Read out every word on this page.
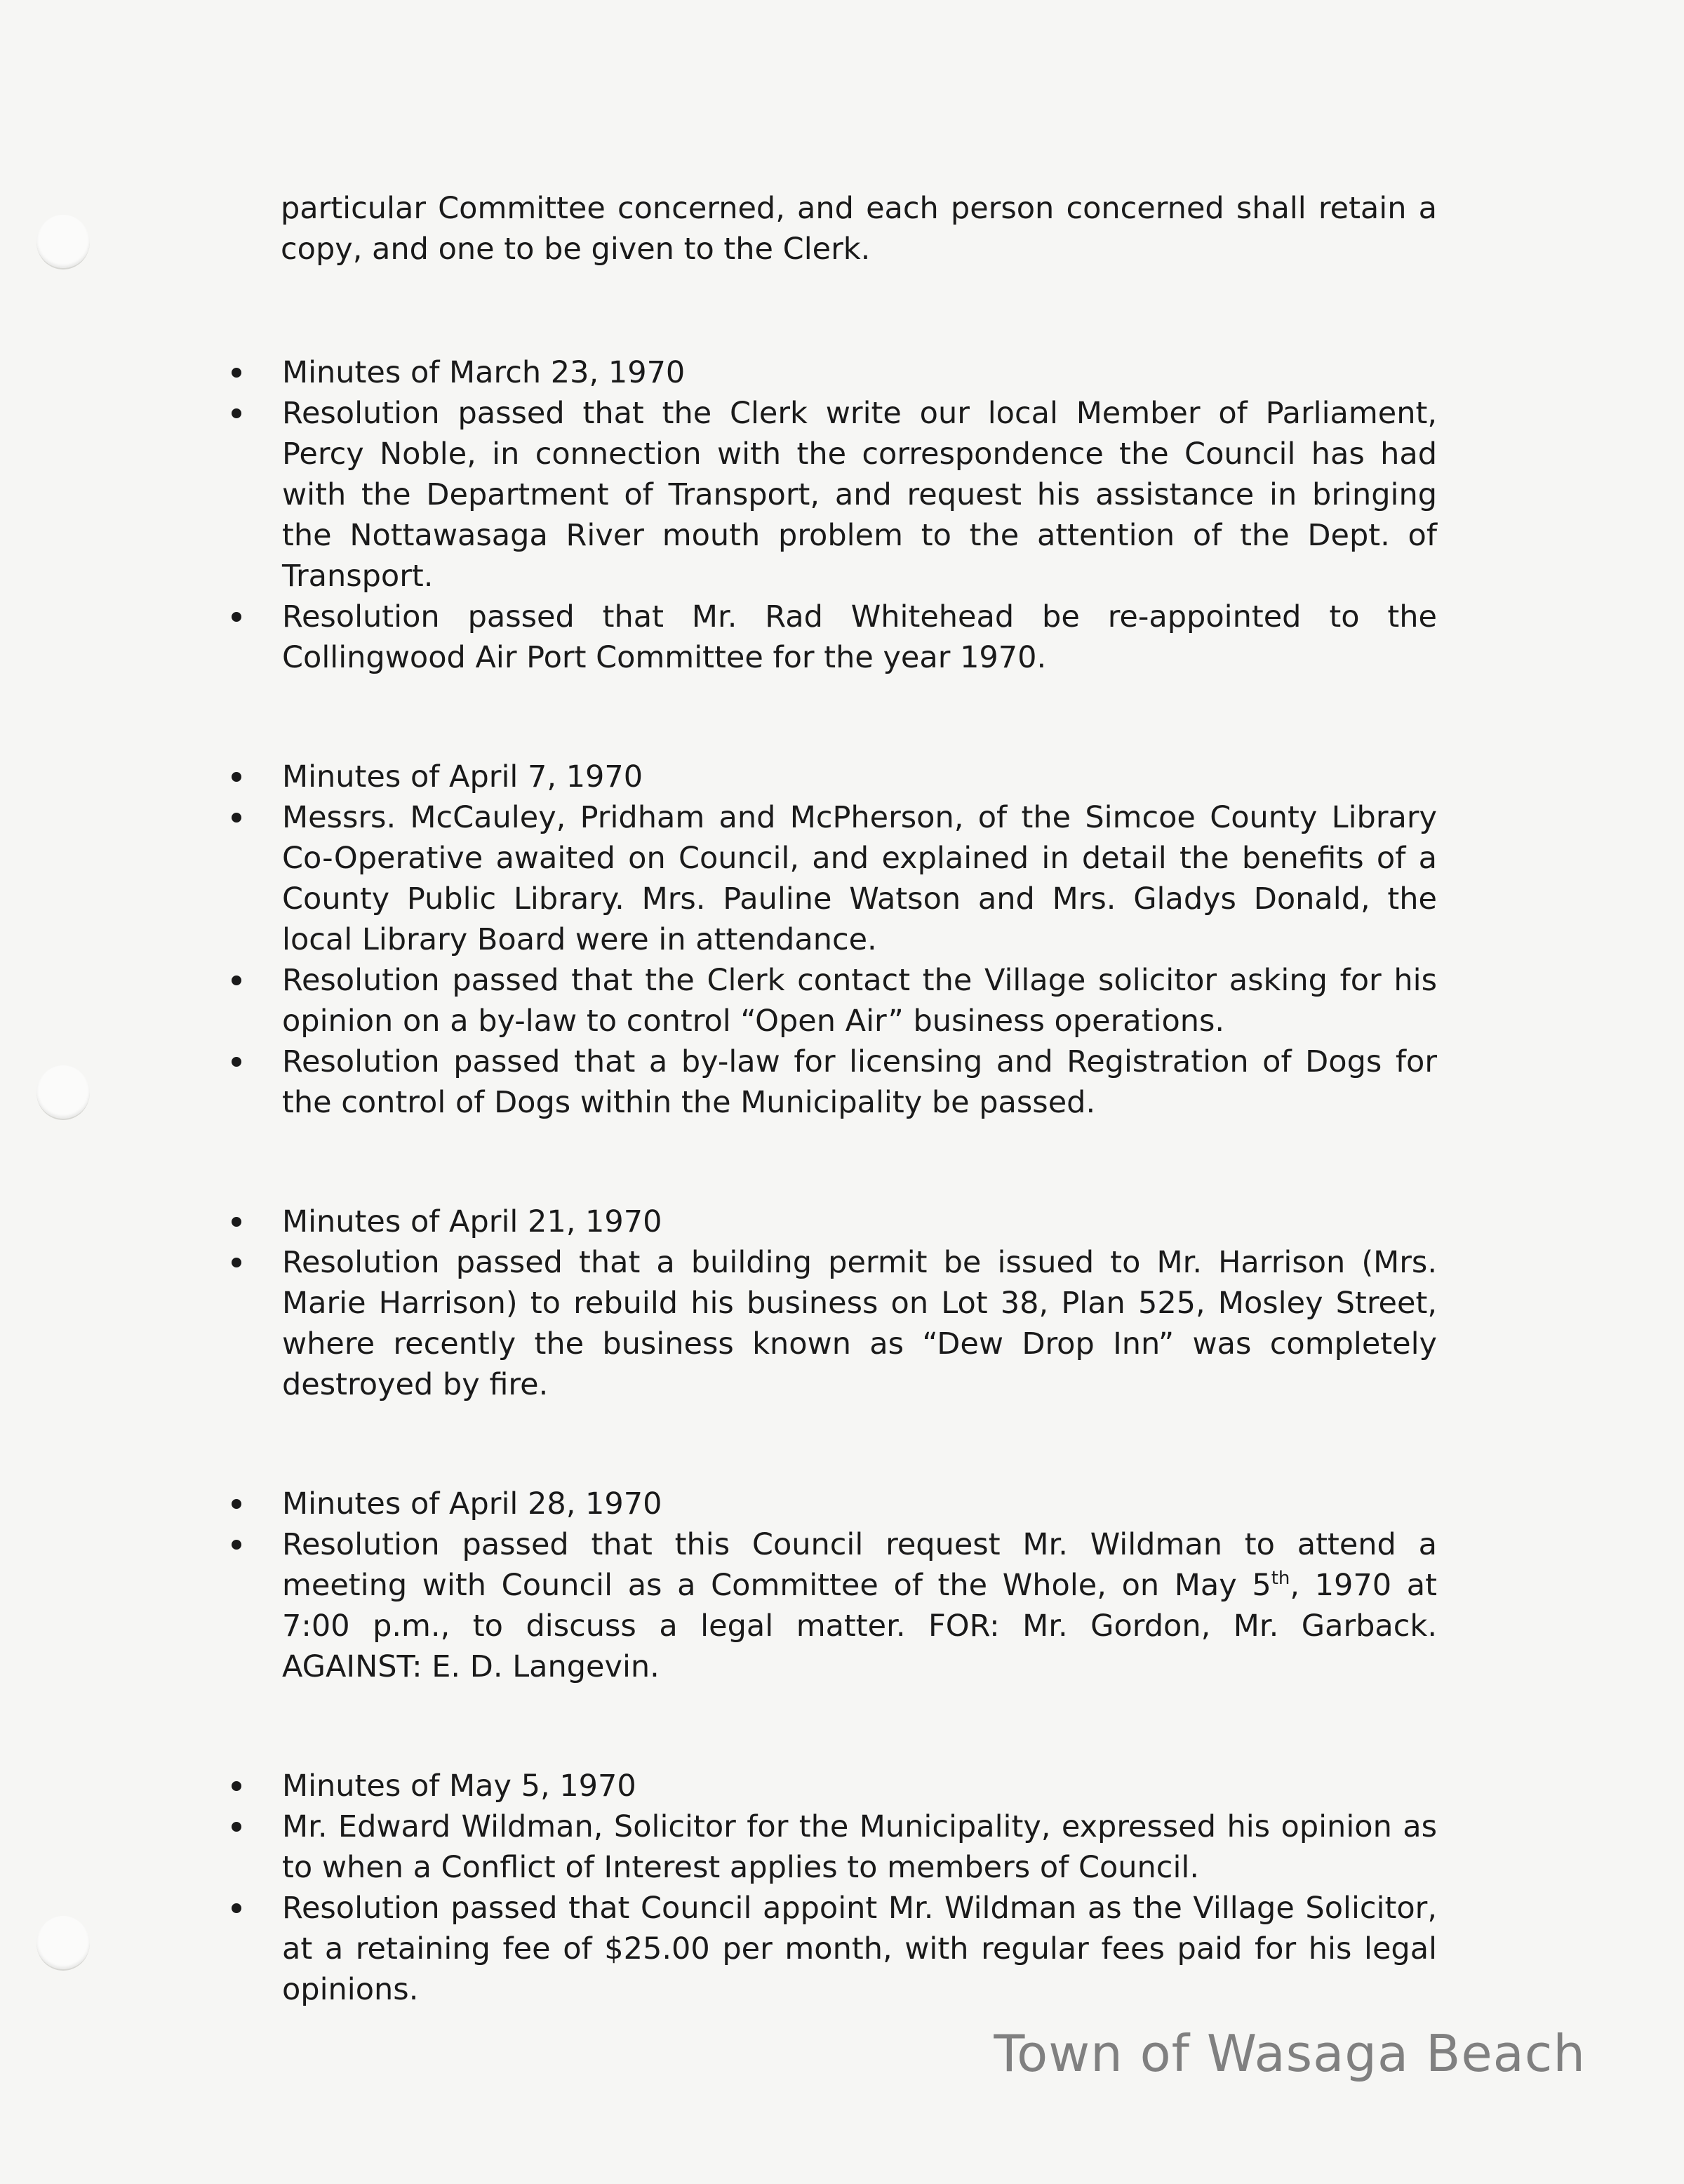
particular Committee concerned, and each person concerned shall retain a copy, and one to be given to the Clerk.

Minutes of March 23, 1970
Resolution passed that the Clerk write our local Member of Parliament, Percy Noble, in connection with the correspondence the Council has had with the Department of Transport, and request his assistance in bringing the Nottawasaga River mouth problem to the attention of the Dept. of Transport.
Resolution passed that Mr. Rad Whitehead be re-appointed to the Collingwood Air Port Committee for the year 1970.
Minutes of April 7, 1970
Messrs. McCauley, Pridham and McPherson, of the Simcoe County Library Co-Operative awaited on Council, and explained in detail the benefits of a County Public Library. Mrs. Pauline Watson and Mrs. Gladys Donald, the local Library Board were in attendance.
Resolution passed that the Clerk contact the Village solicitor asking for his opinion on a by-law to control “Open Air” business operations.
Resolution passed that a by-law for licensing and Registration of Dogs for the control of Dogs within the Municipality be passed.
Minutes of April 21, 1970
Resolution passed that a building permit be issued to Mr. Harrison (Mrs. Marie Harrison) to rebuild his business on Lot 38, Plan 525, Mosley Street, where recently the business known as “Dew Drop Inn” was completely destroyed by fire.
Minutes of April 28, 1970
Resolution passed that this Council request Mr. Wildman to attend a meeting with Council as a Committee of the Whole, on May 5th, 1970 at 7:00 p.m., to discuss a legal matter. FOR: Mr. Gordon, Mr. Garback. AGAINST: E. D. Langevin.
Minutes of May 5, 1970
Mr. Edward Wildman, Solicitor for the Municipality, expressed his opinion as to when a Conflict of Interest applies to members of Council.
Resolution passed that Council appoint Mr. Wildman as the Village Solicitor, at a retaining fee of $25.00 per month, with regular fees paid for his legal opinions.
Town of Wasaga Beach
